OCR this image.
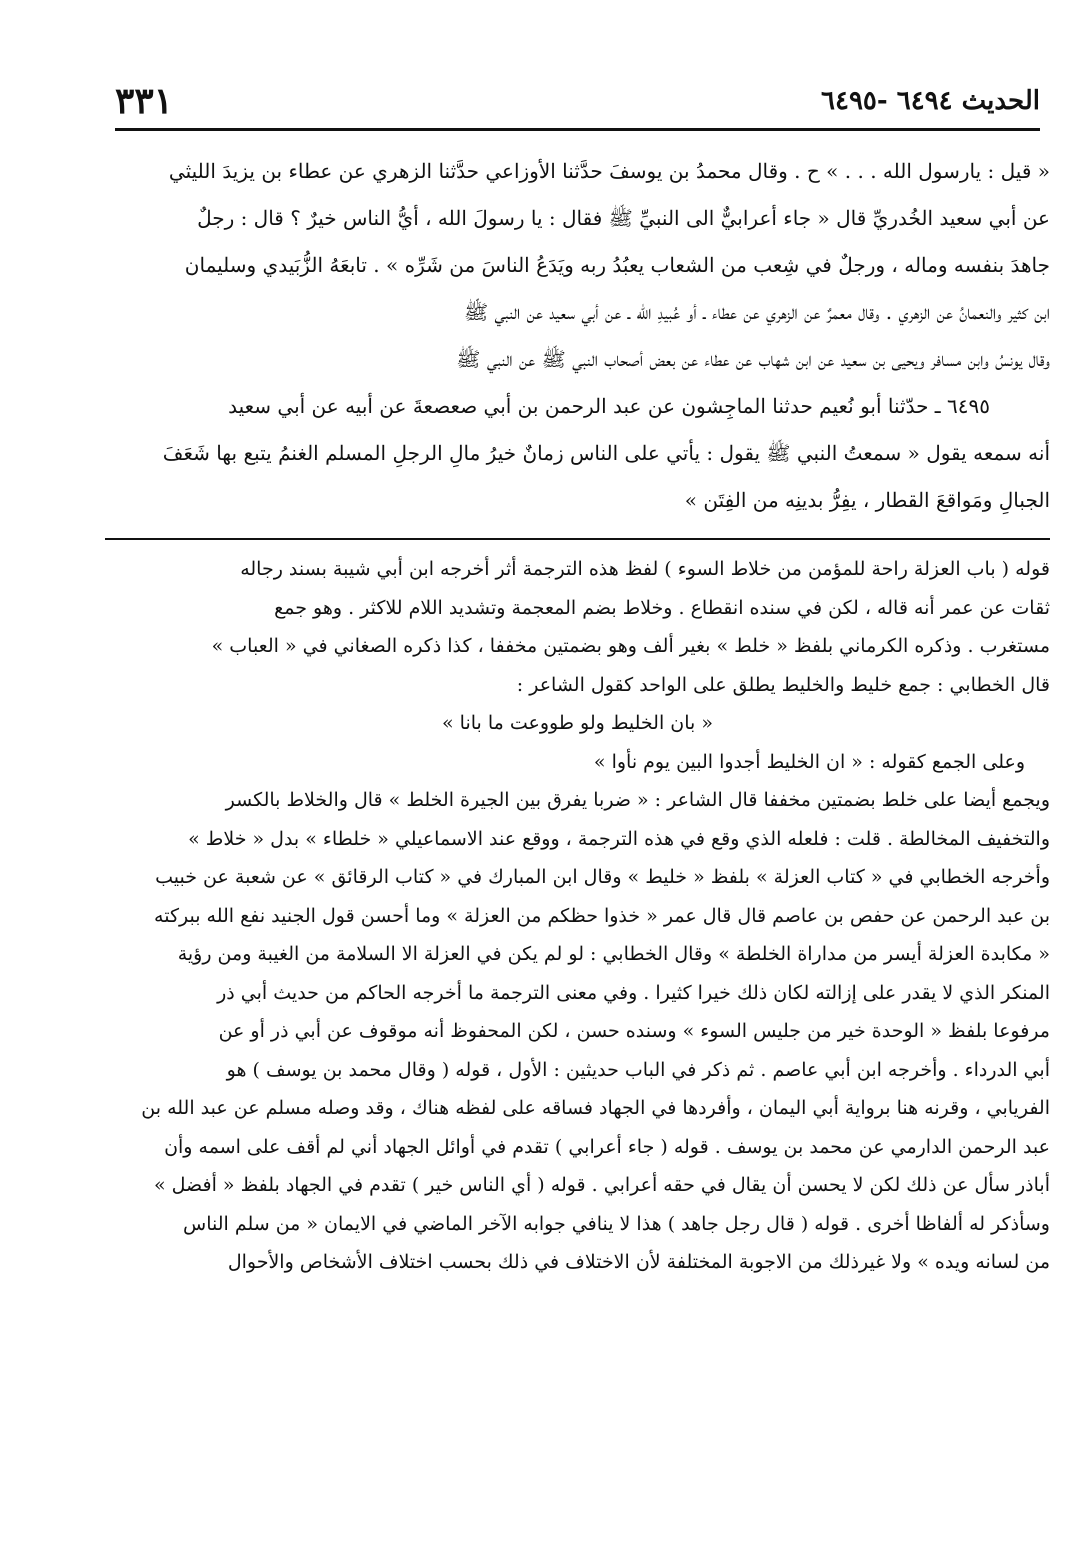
الحديث ٦٤٩٤ -٦٤٩٥
٣٣١
« قيل : يارسول الله . . . » ح . وقال محمدُ بن يوسفَ حدَّثنا الأوزاعي حدَّثنا الزهري عن عطاء بن يزيدَ الليثي
عن أبي سعيد الخُدريِّ قال « جاء أعرابيٌّ الى النبيِّ ﷺ فقال : يا رسولَ الله ، أيُّ الناس خيرٌ ؟ قال : رجلٌ
جاهدَ بنفسه وماله ، ورجلٌ في شِعب من الشعاب يعبُدُ ربه ويَدَعُ الناسَ من شَرِّه » . تابعَهُ الزُّبَيدي وسليمان
ابن كثير والنعمانُ عن الزهري . وقال معمرٌ عن الزهري عن عطاء ـ أو عُبيدِ الله ـ عن أبي سعيد عن النبي ﷺ
وقال يونسُ وابن مسافر ويحيى بن سعيد عن ابن شهاب عن عطاء عن بعض أصحاب النبي ﷺ عن النبي ﷺ
٦٤٩٥ ـ حدّثنا أبو نُعيم حدثنا الماجِشون عن عبد الرحمن بن أبي صعصعةَ عن أبيه عن أبي سعيد
أنه سمعه يقول « سمعتُ النبي ﷺ يقول : يأتي على الناس زمانٌ خيرُ مالِ الرجلِ المسلم الغنمُ يتبع بها شَعَفَ
الجبالِ ومَواقعَ القطار ، يفِرُّ بدينِه من الفِتَن »
قوله ( باب العزلة راحة للمؤمن من خلاط السوء ) لفظ هذه الترجمة أثر أخرجه ابن أبي شيبة بسند رجاله
ثقات عن عمر أنه قاله ، لكن في سنده انقطاع . وخلاط بضم المعجمة وتشديد اللام للاكثر . وهو جمع
مستغرب . وذكره الكرماني بلفظ « خلط » بغير ألف وهو بضمتين مخففا ، كذا ذكره الصغاني في « العباب »
قال الخطابي : جمع خليط والخليط يطلق على الواحد كقول الشاعر :
« بان الخليط ولو طووعت ما بانا »
وعلى الجمع كقوله : « ان الخليط أجدوا البين يوم نأوا »
ويجمع أيضا على خلط بضمتين مخففا قال الشاعر : « ضربا يفرق بين الجيرة الخلط » قال والخلاط بالكسر
والتخفيف المخالطة . قلت : فلعله الذي وقع في هذه الترجمة ، ووقع عند الاسماعيلي « خلطاء » بدل « خلاط »
وأخرجه الخطابي في « كتاب العزلة » بلفظ « خليط » وقال ابن المبارك في « كتاب الرقائق » عن شعبة عن خبيب
بن عبد الرحمن عن حفص بن عاصم قال قال عمر « خذوا حظكم من العزلة » وما أحسن قول الجنيد نفع الله ببركته
« مكابدة العزلة أيسر من مداراة الخلطة » وقال الخطابي : لو لم يكن في العزلة الا السلامة من الغيبة ومن رؤية
المنكر الذي لا يقدر على إزالته لكان ذلك خيرا كثيرا . وفي معنى الترجمة ما أخرجه الحاكم من حديث أبي ذر
مرفوعا بلفظ « الوحدة خير من جليس السوء » وسنده حسن ، لكن المحفوظ أنه موقوف عن أبي ذر أو عن
أبي الدرداء . وأخرجه ابن أبي عاصم . ثم ذكر في الباب حديثين : الأول ، قوله ( وقال محمد بن يوسف ) هو
الفريابي ، وقرنه هنا برواية أبي اليمان ، وأفردها في الجهاد فساقه على لفظه هناك ، وقد وصله مسلم عن عبد الله بن
عبد الرحمن الدارمي عن محمد بن يوسف . قوله ( جاء أعرابي ) تقدم في أوائل الجهاد أني لم أقف على اسمه وأن
أباذر سأل عن ذلك لكن لا يحسن أن يقال في حقه أعرابي . قوله ( أي الناس خير ) تقدم في الجهاد بلفظ « أفضل »
وسأذكر له ألفاظا أخرى . قوله ( قال رجل جاهد ) هذا لا ينافي جوابه الآخر الماضي في الايمان « من سلم الناس
من لسانه ويده » ولا غيرذلك من الاجوبة المختلفة لأن الاختلاف في ذلك بحسب اختلاف الأشخاص والأحوال
